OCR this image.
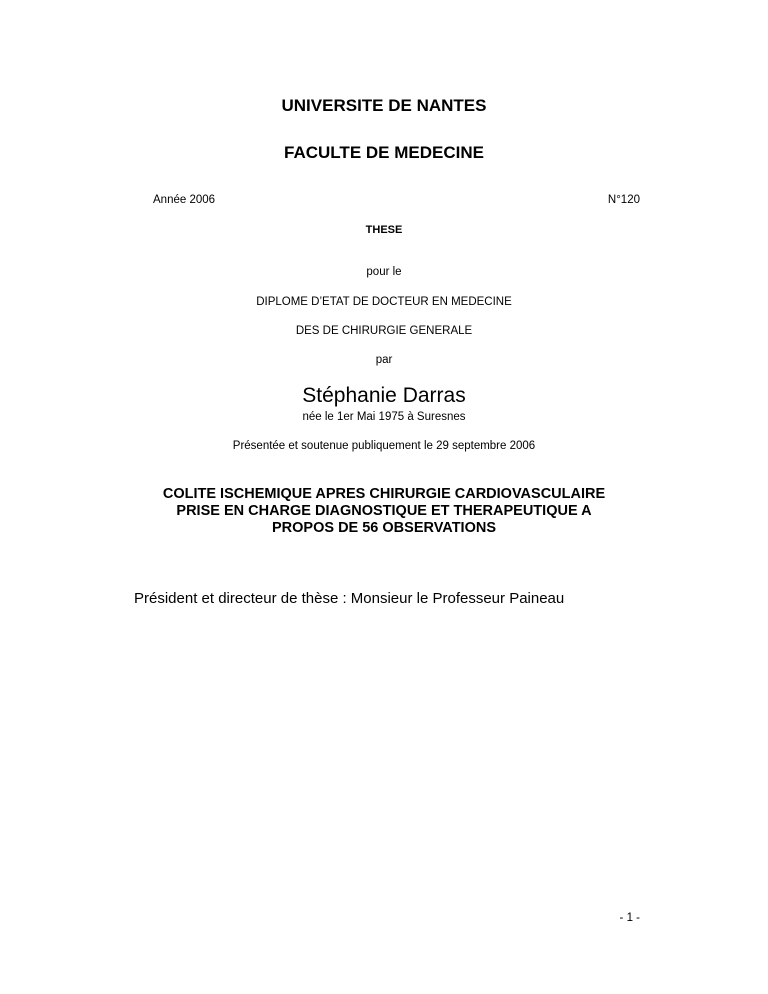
UNIVERSITE DE NANTES
FACULTE DE MEDECINE
Année 2006	N°120
THESE
pour le
DIPLOME D’ETAT DE DOCTEUR EN MEDECINE
DES DE CHIRURGIE GENERALE
par
Stéphanie Darras
née le 1er Mai 1975 à Suresnes
Présentée et soutenue publiquement le 29 septembre 2006
COLITE ISCHEMIQUE APRES CHIRURGIE CARDIOVASCULAIRE
PRISE EN CHARGE DIAGNOSTIQUE ET THERAPEUTIQUE A
PROPOS DE 56 OBSERVATIONS
Président et directeur de thèse : Monsieur le Professeur Paineau
- 1 -
